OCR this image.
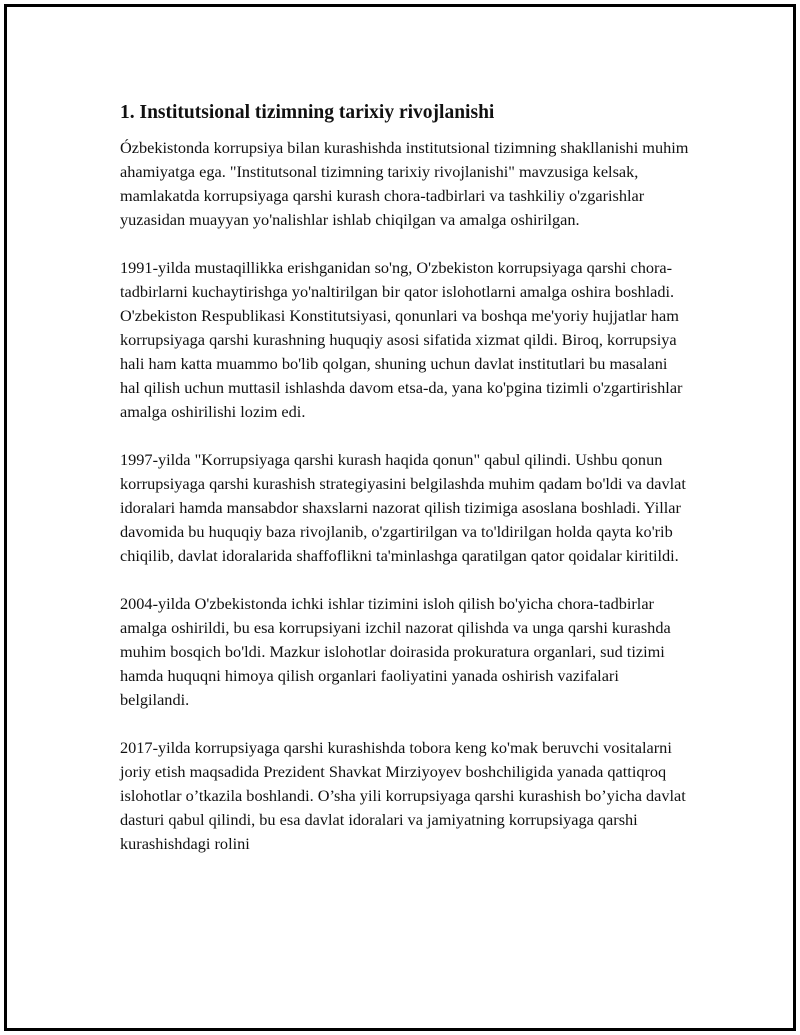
1. Institutsional tizimning tarixiy rivojlanishi

Ózbekistonda korrupsiya bilan kurashishda institutsional tizimning shakllanishi muhim ahamiyatga ega. "Institutsonal tizimning tarixiy rivojlanishi" mavzusiga kelsak, mamlakatda korrupsiyaga qarshi kurash chora-tadbirlari va tashkiliy o'zgarishlar yuzasidan muayyan yo'nalishlar ishlab chiqilgan va amalga oshirilgan.

1991-yilda mustaqillikka erishganidan so'ng, O'zbekiston korrupsiyaga qarshi chora-tadbirlarni kuchaytirishga yo'naltirilgan bir qator islohotlarni amalga oshira boshladi. O'zbekiston Respublikasi Konstitutsiyasi, qonunlari va boshqa me'yoriy hujjatlar ham korrupsiyaga qarshi kurashning huquqiy asosi sifatida xizmat qildi. Biroq, korrupsiya hali ham katta muammo bo'lib qolgan, shuning uchun davlat institutlari bu masalani hal qilish uchun muttasil ishlashda davom etsa-da, yana ko'pgina tizimli o'zgartirishlar amalga oshirilishi lozim edi.

1997-yilda "Korrupsiyaga qarshi kurash haqida qonun" qabul qilindi. Ushbu qonun korrupsiyaga qarshi kurashish strategiyasini belgilashda muhim qadam bo'ldi va davlat idoralari hamda mansabdor shaxslarni nazorat qilish tizimiga asoslana boshladi. Yillar davomida bu huquqiy baza rivojlanib, o'zgartirilgan va to'ldirilgan holda qayta ko'rib chiqilib, davlat idoralarida shaffoflikni ta'minlashga qaratilgan qator qoidalar kiritildi.

2004-yilda O'zbekistonda ichki ishlar tizimini isloh qilish bo'yicha chora-tadbirlar amalga oshirildi, bu esa korrupsiyani izchil nazorat qilishda va unga qarshi kurashda muhim bosqich bo'ldi. Mazkur islohotlar doirasida prokuratura organlari, sud tizimi hamda huquqni himoya qilish organlari faoliyatini yanada oshirish vazifalari belgilandi.

2017-yilda korrupsiyaga qarshi kurashishda tobora keng ko'mak beruvchi vositalarni joriy etish maqsadida Prezident Shavkat Mirziyoyev boshchiligida yanada qattiqroq islohotlar o’tkazila boshlandi. O’sha yili korrupsiyaga qarshi kurashish bo’yicha davlat dasturi qabul qilindi, bu esa davlat idoralari va jamiyatning korrupsiyaga qarshi kurashishdagi rolini
